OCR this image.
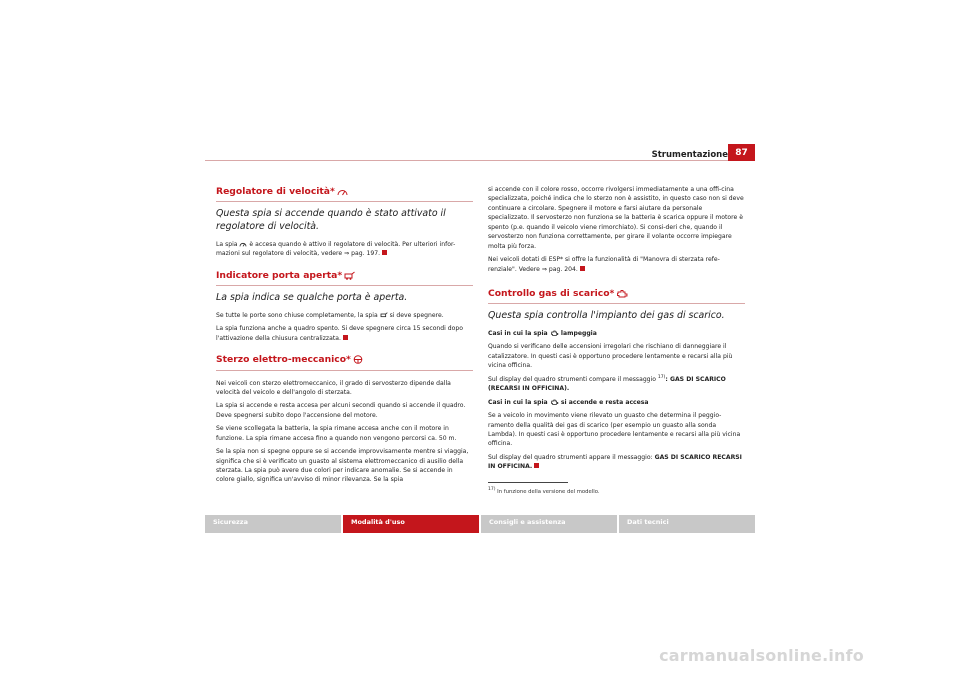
Strumentazione 87
Regolatore di velocità*
Questa spia si accende quando è stato attivato il regolatore di velocità.

La spia è accesa quando è attivo il regolatore di velocità. Per ulteriori infor-mazioni sul regolatore di velocità, vedere ⇒ pag. 197.

Indicatore porta aperta*
La spia indica se qualche porta è aperta.

Se tutte le porte sono chiuse completamente, la spia si deve spegnere.

La spia funziona anche a quadro spento. Si deve spegnere circa 15 secondi dopo l'attivazione della chiusura centralizzata.

Sterzo elettro-meccanico*

Nei veicoli con sterzo elettromeccanico, il grado di servosterzo dipende dalla velocità del veicolo e dell'angolo di sterzata.

La spia si accende e resta accesa per alcuni secondi quando si accende il quadro. Deve spegnersi subito dopo l'accensione del motore.

Se viene scollegata la batteria, la spia rimane accesa anche con il motore in funzione. La spia rimane accesa fino a quando non vengono percorsi ca. 50 m.

Se la spia non si spegne oppure se si accende improvvisamente mentre si viaggia, significa che si è verificato un guasto al sistema elettromeccanico di ausilio della sterzata. La spia può avere due colori per indicare anomalie. Se si accende in colore giallo, significa un'avviso di minor rilevanza. Se la spia

si accende con il colore rosso, occorre rivolgersi immediatamente a una offi-cina specializzata, poiché indica che lo sterzo non è assistito, in questo caso non si deve continuare a circolare. Spegnere il motore e farsi aiutare da personale specializzato. Il servosterzo non funziona se la batteria è scarica oppure il motore è spento (p.e. quando il veicolo viene rimorchiato). Si consi-deri che, quando il servosterzo non funziona correttamente, per girare il volante occorre impiegare molta più forza.

Nei veicoli dotati di ESP* si offre la funzionalità di "Manovra di sterzata refe-renziale". Vedere ⇒ pag. 204.

Controllo gas di scarico*
Questa spia controlla l'impianto dei gas di scarico.

Casi in cui la spia lampeggia

Quando si verificano delle accensioni irregolari che rischiano di danneggiare il catalizzatore. In questi casi è opportuno procedere lentamente e recarsi alla più vicina officina.

Sul display del quadro strumenti compare il messaggio $^{17)}$: GAS DI SCARICO (RECARSI IN OFFICINA).

Casi in cui la spia si accende e resta accesa

Se a veicolo in movimento viene rilevato un guasto che determina il peggio-ramento della qualità dei gas di scarico (per esempio un guasto alla sonda Lambda). In questi casi è opportuno procedere lentamente e recarsi alla più vicina officina.

Sul display del quadro strumenti appare il messaggio: GAS DI SCARICO RECARSI IN OFFICINA.

$^{17)}$ In funzione della versione del modello.
Sicurezza	Modalità d'uso	Consigli e assistenza	Dati tecnici
carmanualsonline.info
